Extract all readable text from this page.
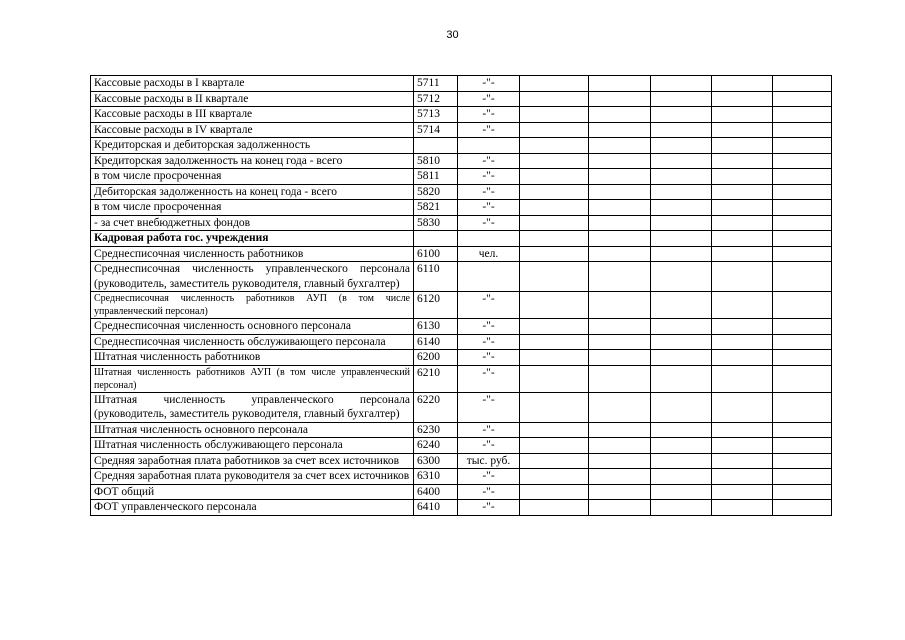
30
Кассовые расходы в I квартале	5711	-"-					
Кассовые расходы в II квартале	5712	-"-					
Кассовые расходы в III квартале	5713	-"-					
Кассовые расходы в IV квартале	5714	-"-					
Кредиторская и дебиторская задолженность							
Кредиторская задолженность на конец года - всего	5810	-"-					
в том числе просроченная	5811	-"-					
Дебиторская задолженность на конец года - всего	5820	-"-					
в том числе просроченная	5821	-"-					
- за счет внебюджетных фондов	5830	-"-					
Кадровая работа гос. учреждения							
Среднесписочная численность работников	6100	чел.					
Среднесписочная численность управленческого персонала (руководитель, заместитель руководителя, главный бухгалтер)	6110						
Среднесписочная численность работников АУП (в том числе управленческий персонал)	6120	-"-					
Среднесписочная численность основного персонала	6130	-"-					
Среднесписочная численность обслуживающего персонала	6140	-"-					
Штатная численность работников	6200	-"-					
Штатная численность работников АУП (в том числе управленческий персонал)	6210	-"-					
Штатная численность управленческого персонала (руководитель, заместитель руководителя, главный бухгалтер)	6220	-"-					
Штатная численность основного персонала	6230	-"-					
Штатная численность обслуживающего персонала	6240	-"-					
Средняя заработная плата работников за счет всех источников	6300	тыс. руб.					
Средняя заработная плата руководителя за счет всех источников	6310	-"-					
ФОТ общий	6400	-"-					
ФОТ управленческого персонала	6410	-"-					
